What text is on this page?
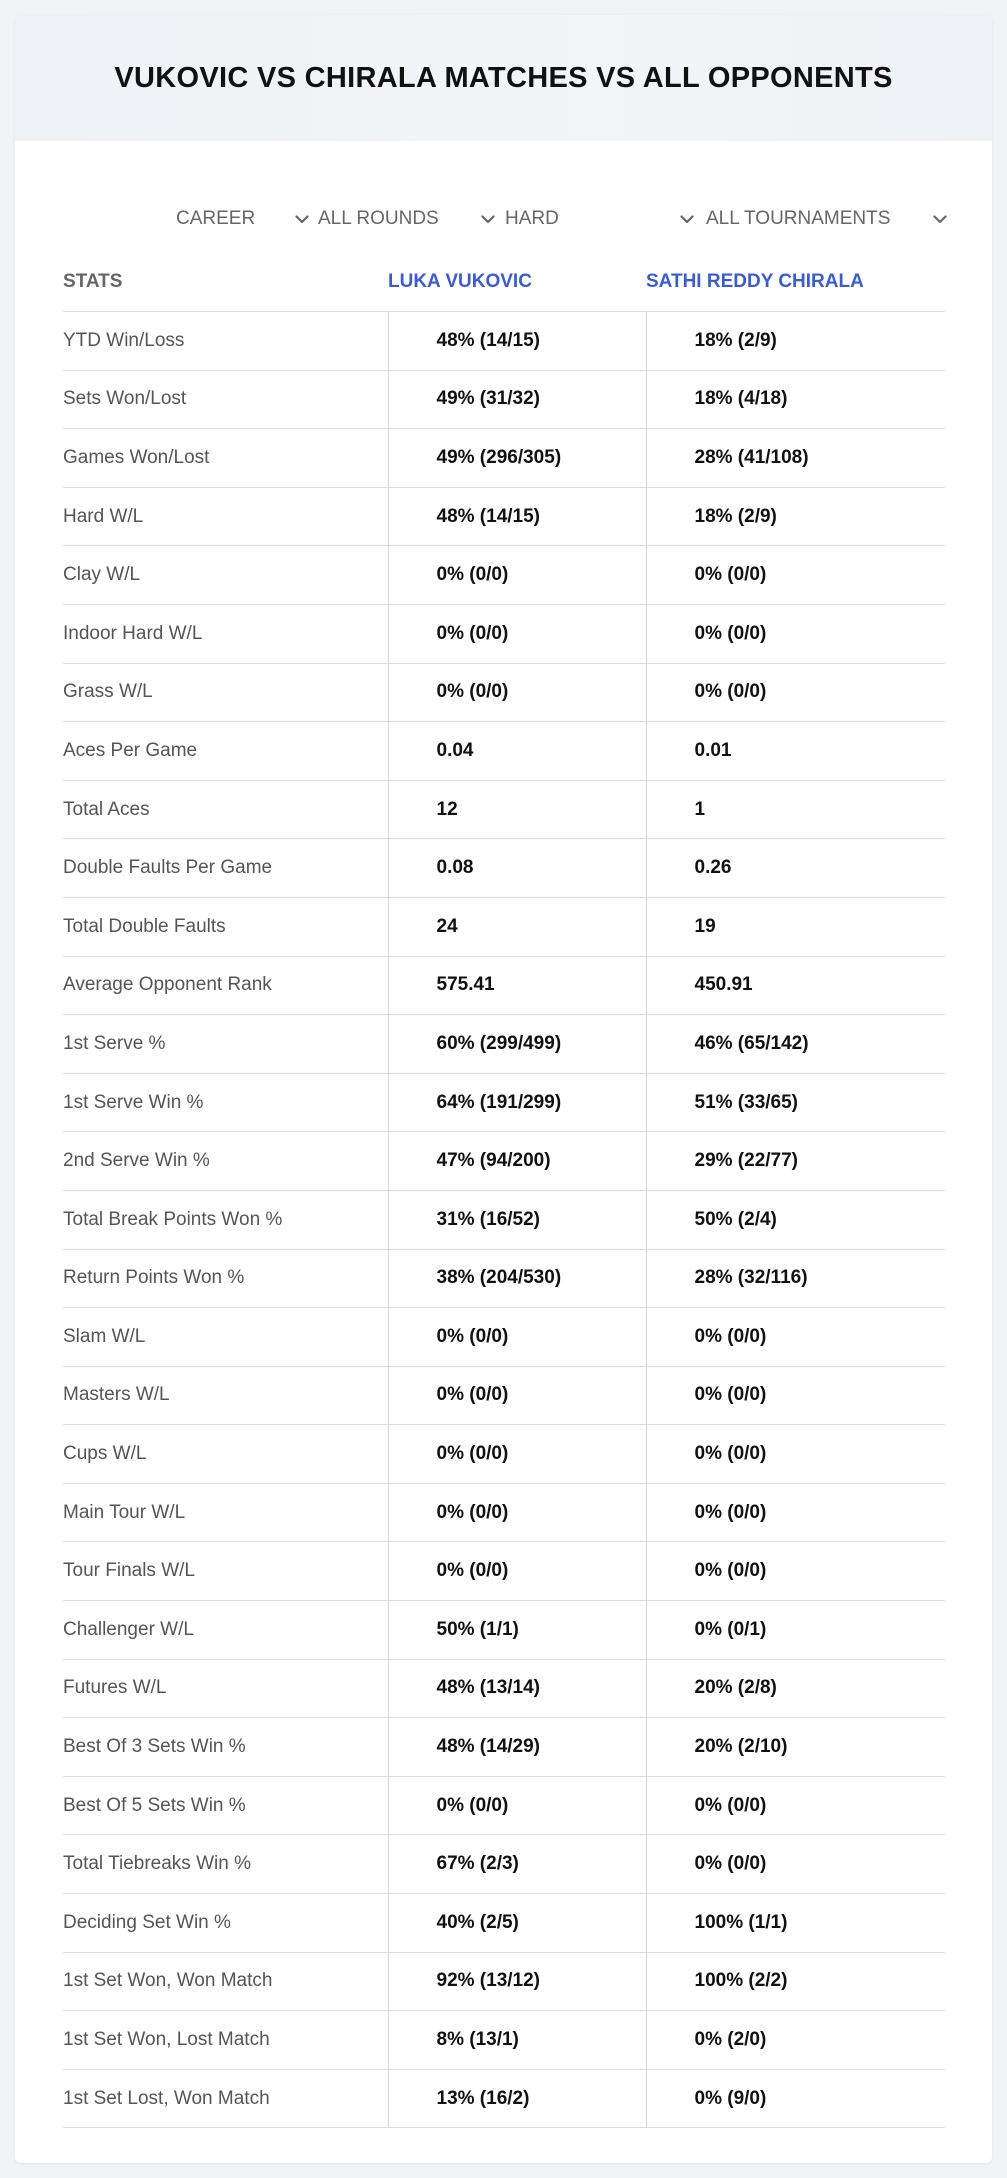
VUKOVIC VS CHIRALA MATCHES VS ALL OPPONENTS
CAREER	ALL ROUNDS	HARD	ALL TOURNAMENTS
STATS	LUKA VUKOVIC	SATHI REDDY CHIRALA
YTD Win/Loss	48% (14/15)	18% (2/9)
Sets Won/Lost	49% (31/32)	18% (4/18)
Games Won/Lost	49% (296/305)	28% (41/108)
Hard W/L	48% (14/15)	18% (2/9)
Clay W/L	0% (0/0)	0% (0/0)
Indoor Hard W/L	0% (0/0)	0% (0/0)
Grass W/L	0% (0/0)	0% (0/0)
Aces Per Game	0.04	0.01
Total Aces	12	1
Double Faults Per Game	0.08	0.26
Total Double Faults	24	19
Average Opponent Rank	575.41	450.91
1st Serve %	60% (299/499)	46% (65/142)
1st Serve Win %	64% (191/299)	51% (33/65)
2nd Serve Win %	47% (94/200)	29% (22/77)
Total Break Points Won %	31% (16/52)	50% (2/4)
Return Points Won %	38% (204/530)	28% (32/116)
Slam W/L	0% (0/0)	0% (0/0)
Masters W/L	0% (0/0)	0% (0/0)
Cups W/L	0% (0/0)	0% (0/0)
Main Tour W/L	0% (0/0)	0% (0/0)
Tour Finals W/L	0% (0/0)	0% (0/0)
Challenger W/L	50% (1/1)	0% (0/1)
Futures W/L	48% (13/14)	20% (2/8)
Best Of 3 Sets Win %	48% (14/29)	20% (2/10)
Best Of 5 Sets Win %	0% (0/0)	0% (0/0)
Total Tiebreaks Win %	67% (2/3)	0% (0/0)
Deciding Set Win %	40% (2/5)	100% (1/1)
1st Set Won, Won Match	92% (13/12)	100% (2/2)
1st Set Won, Lost Match	8% (13/1)	0% (2/0)
1st Set Lost, Won Match	13% (16/2)	0% (9/0)
